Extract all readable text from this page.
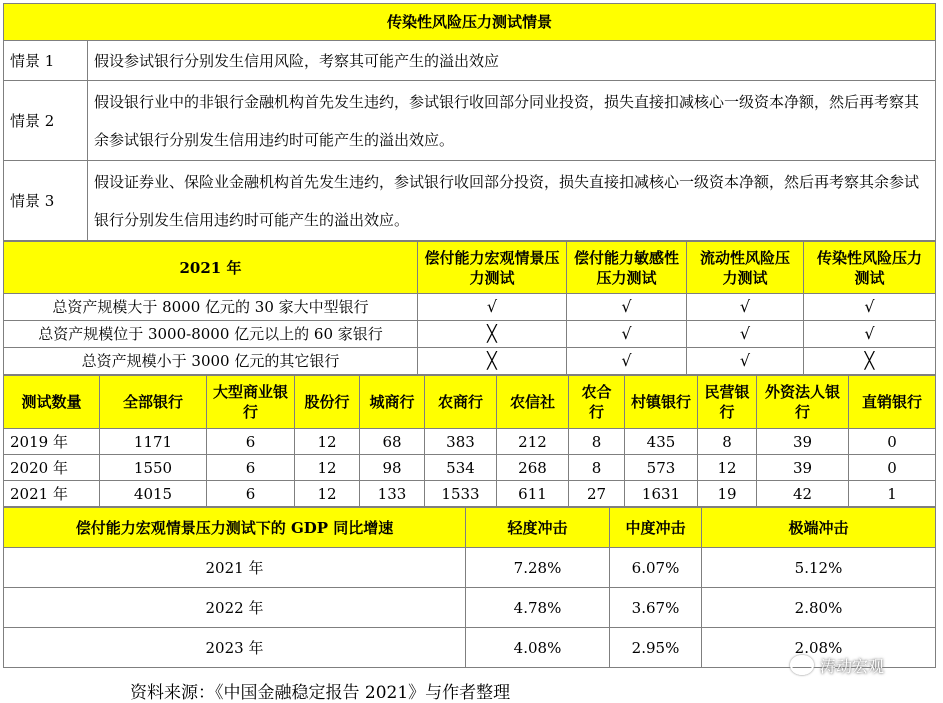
传染性风险压力测试情景	
情景 1	假设参试银行分别发生信用风险，考察其可能产生的溢出效应
情景 2	假设银行业中的非银行金融机构首先发生违约，参试银行收回部分同业投资，损失直接扣减核心一级资本净额，然后再考察其余参试银行分别发生信用违约时可能产生的溢出效应。
情景 3	假设证券业、保险业金融机构首先发生违约，参试银行收回部分投资，损失直接扣减核心一级资本净额，然后再考察其余参试银行分别发生信用违约时可能产生的溢出效应。
2021 年	偿付能力宏观情景压力测试	偿付能力敏感性压力测试	流动性风险压力测试	传染性风险压力测试
总资产规模大于 8000 亿元的 30 家大中型银行	√	√	√	√
总资产规模位于 3000-8000 亿元以上的 60 家银行	╳	√	√	√
总资产规模小于 3000 亿元的其它银行	╳	√	√	╳
测试数量	全部银行	大型商业银行	股份行	城商行	农商行	农信社	农合行	村镇银行	民营银行	外资法人银行	直销银行
2019 年	1171	6	12	68	383	212	8	435	8	39	0
2020 年	1550	6	12	98	534	268	8	573	12	39	0
2021 年	4015	6	12	133	1533	611	27	1631	19	42	1
偿付能力宏观情景压力测试下的 GDP 同比增速	轻度冲击	中度冲击	极端冲击
2021 年	7.28%	6.07%	5.12%
2022 年	4.78%	3.67%	2.80%
2023 年	4.08%	2.95%	2.08%
涛动宏观
资料来源：《中国金融稳定报告 2021》与作者整理
